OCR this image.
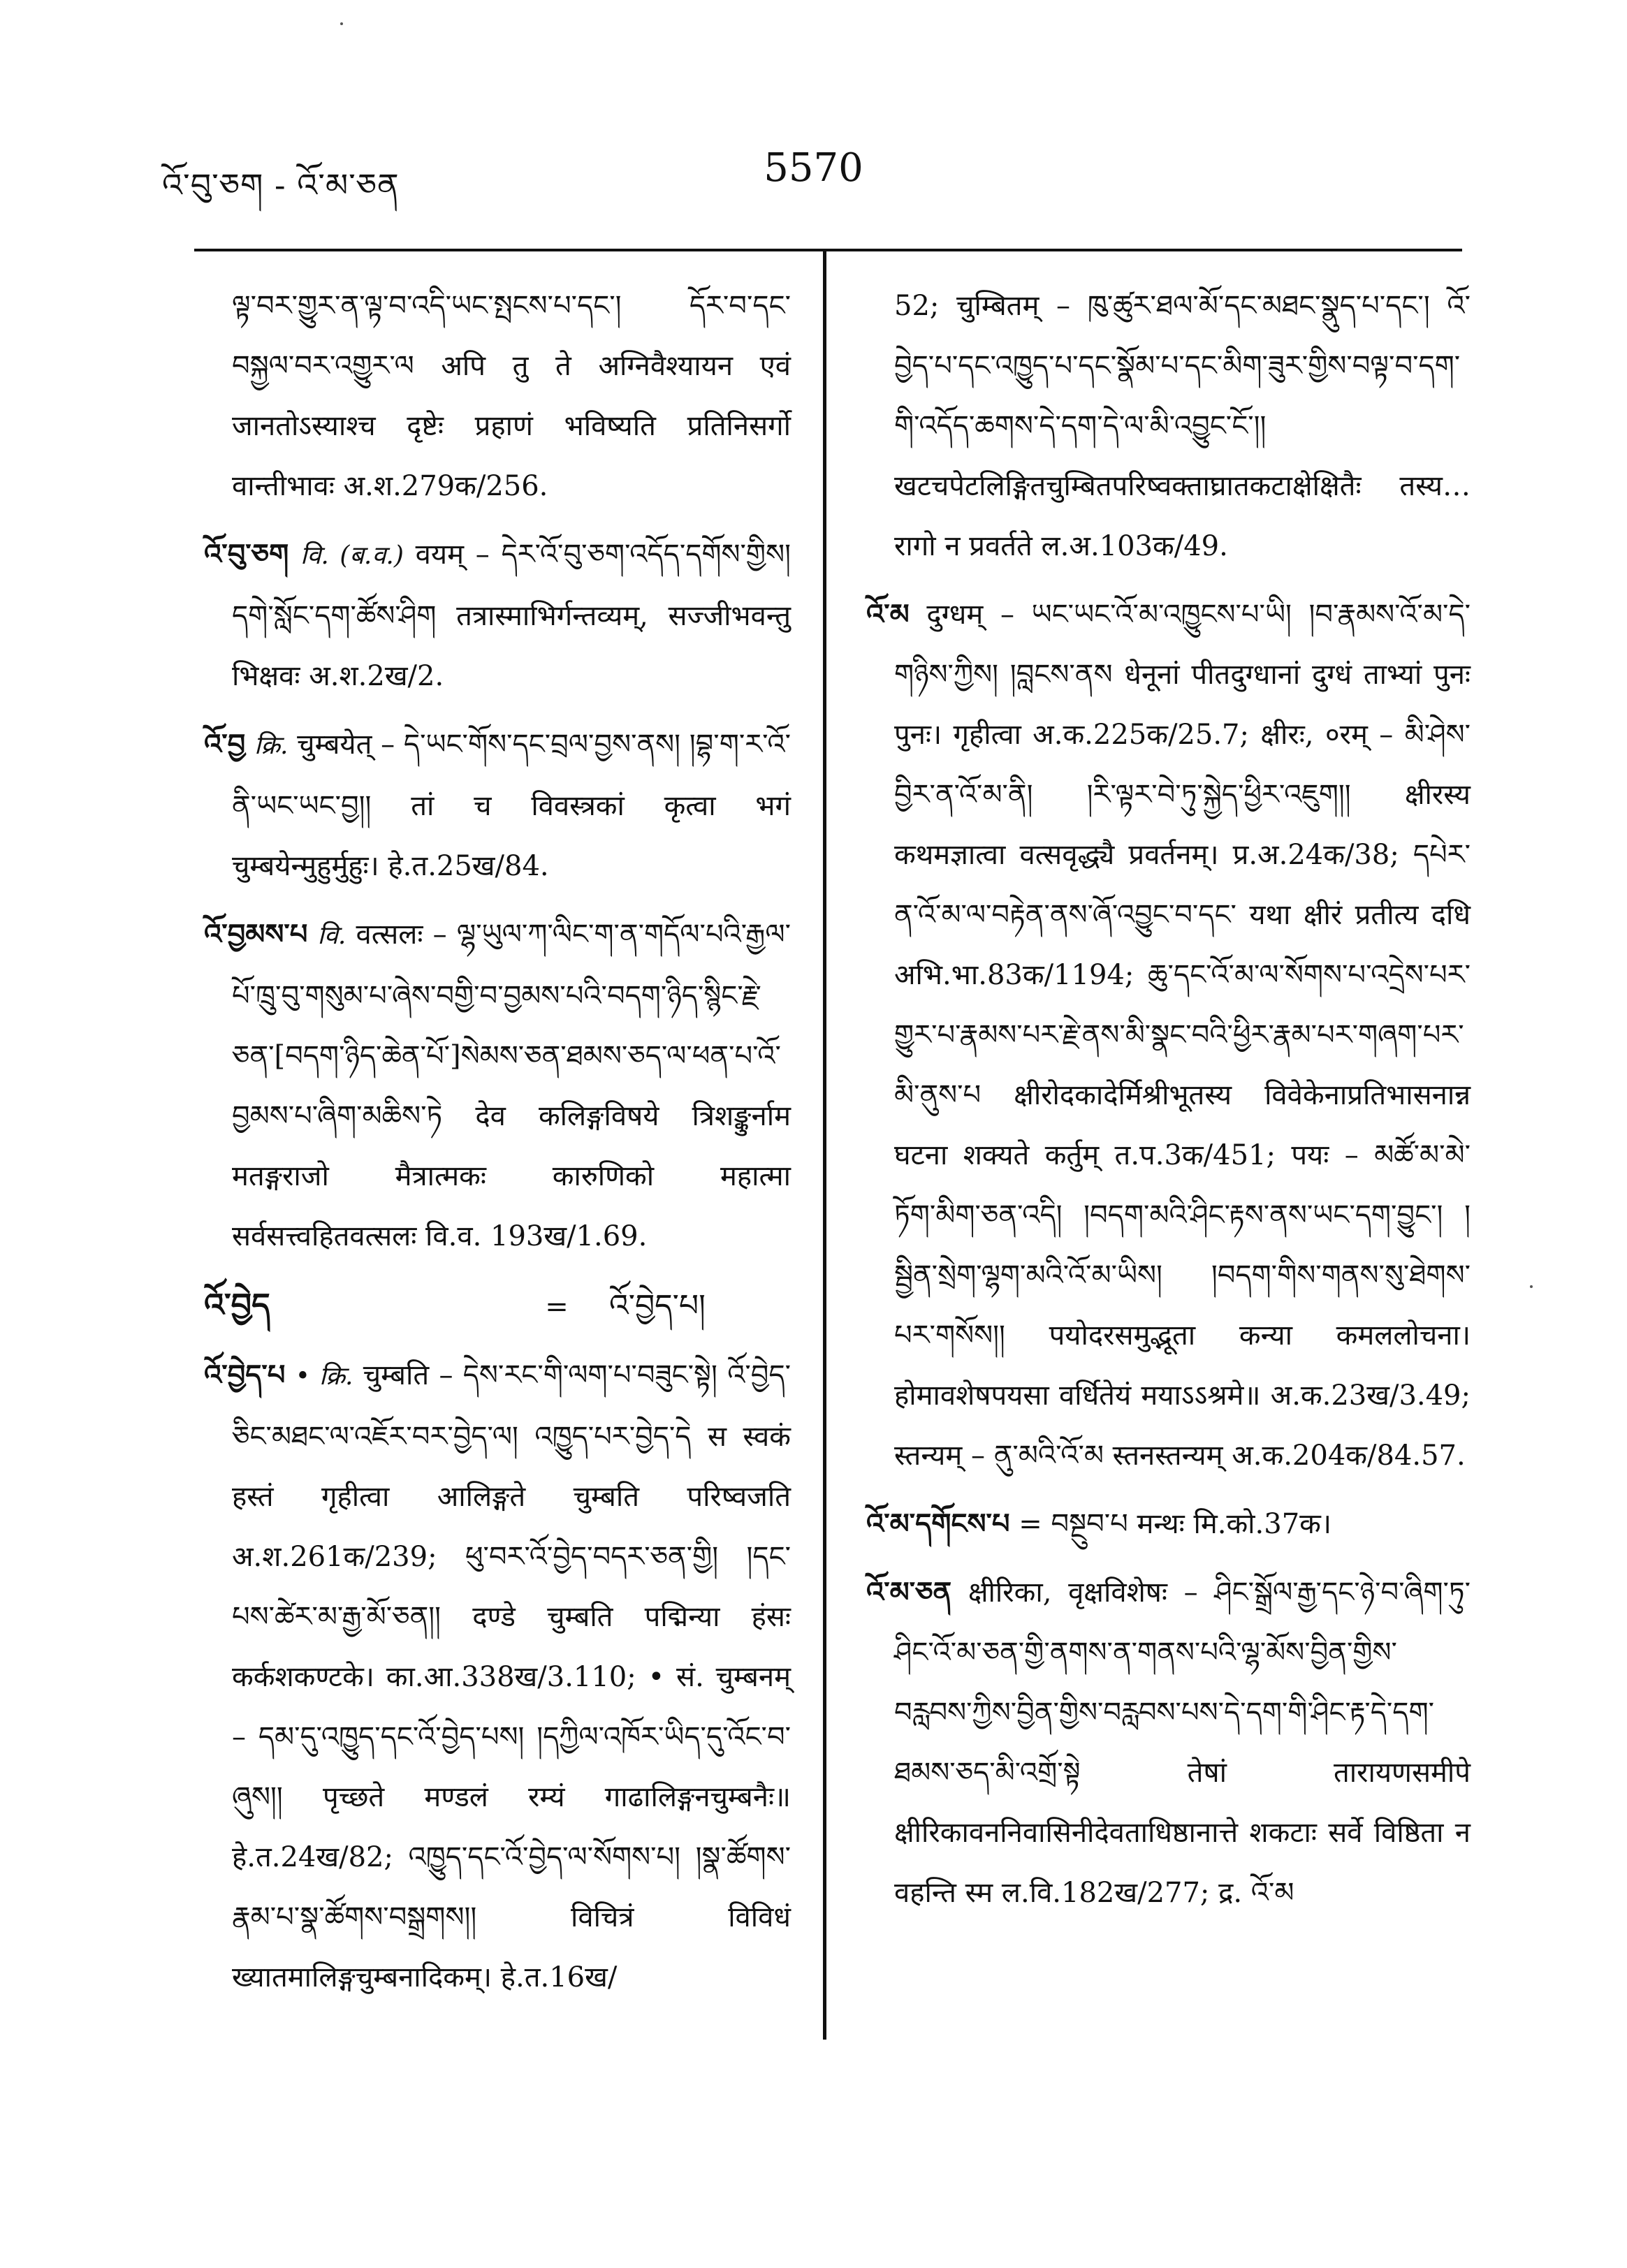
འོ་བུ་ཅག - འོ་མ་ཅན	5570

ལྟ་བར་གྱུར་ན་ལྟ་བ་འདི་ཡང་སྤངས་པ་དང་། དོར་བ་དང་བསྐྱལ་བར་འགྱུར་ལ अपि तु ते अग्निवैश्यायन एवं जानतोऽस्याश्च दृष्टेः प्रहाणं भविष्यति प्रतिनिसर्गो वान्तीभावः अ.श.279क/256.

འོ་བུ་ཅག वि. (ब.व.) वयम् – དེར་འོ་བུ་ཅག་འདོད་དགོས་གྱིས། དགེ་སློང་དག་ཚོས་ཤིག तत्रास्माभिर्गन्तव्यम्, सज्जीभवन्तु भिक्षवः अ.श.2ख/2.

འོ་བྱ क्रि. चुम्बयेत् – དེ་ཡང་གོས་དང་བྲལ་བྱས་ནས། །བྷ་ག་ར་འོ་ནི་ཡང་ཡང་བྱ།། तां च विवस्त्रकां कृत्वा भगं चुम्बयेन्मुहुर्मुहुः। हे.त.25ख/84.

འོ་བྱམས་པ वि. वत्सलः – ལྷ་ཡུལ་ཀ་ལིང་ག་ན་གདོལ་པའི་རྒྱལ་པོ་ཁྲུ་བུ་གསུམ་པ་ཞེས་བགྱི་བ་བྱམས་པའི་བདག་ཉིད་སྙིང་རྗེ་ཅན་[བདག་ཉིད་ཆེན་པོ་]སེམས་ཅན་ཐམས་ཅད་ལ་ཕན་པ་འོ་བྱམས་པ་ཞིག་མཆིས་ཏེ देव कलिङ्गविषये त्रिशङ्कुर्नाम मतङ्गराजो मैत्रात्मकः कारुणिको महात्मा सर्वसत्त्वहितवत्सलः वि.व. 193ख/1.69.

འོ་བྱེད	=	འོ་བྱེད་པ།

འོ་བྱེད་པ • क्रि. चुम्बति – དེས་རང་གི་ལག་པ་བཟུང་སྟེ། འོ་བྱེད་ཅིང་མཐང་ལ་འཇོར་བར་བྱེད་ལ། འཁྱུད་པར་བྱེད་དེ स स्वकं हस्तं गृहीत्वा आलिङ्गते चुम्बति परिष्वजति अ.श.261क/239; ཕུ་བར་འོ་བྱེད་བདར་ཅན་གྱི། །དང་པས་ཚེར་མ་རྒྱ་མོ་ཅན།། दण्डे चुम्बति पद्मिन्या हंसः कर्कशकण्टके। का.आ.338ख/3.110; • सं. चुम्बनम् – དམ་དུ་འཁྱུད་དང་འོ་བྱེད་པས། །དཀྱིལ་འཁོར་ཡིད་དུ་འོང་བ་ཞུས།། पृच्छते मण्डलं रम्यं गाढालिङ्गनचुम्बनैः॥ हे.त.24ख/82; འཁྱུད་དང་འོ་བྱེད་ལ་སོགས་པ། །སྣ་ཚོགས་རྣམ་པ་སྣ་ཚོགས་བསྒྲགས།། विचित्रं विविधं ख्यातमालिङ्गचुम्बनादिकम्। हे.त.16ख/

52; चुम्बितम् – ཁུ་ཚུར་ཐལ་མོ་དང་མཐང་སྣུད་པ་དང་། འོ་བྱེད་པ་དང་འཁྱུད་པ་དང་སྣོམ་པ་དང་མིག་ཟུར་གྱིས་བལྟ་བ་དག་གི་འདོད་ཆགས་དེ་དག་དེ་ལ་མི་འབྱུང་ངོ་།། खटचपेटलिङ्गितचुम्बितपरिष्वक्ताघ्रातकटाक्षेक्षितैः तस्य…रागो न प्रवर्तते ल.अ.103क/49.

འོ་མ दुग्धम् – ཡང་ཡང་འོ་མ་འཁྱུངས་པ་ཡི། །བ་རྣམས་འོ་མ་དེ་གཉིས་ཀྱིས། །བླངས་ནས धेनूनां पीतदुग्धानां दुग्धं ताभ्यां पुनः पुनः। गृहीत्वा अ.क.225क/25.7; क्षीरः, ०रम् – མི་ཤེས་བྱིར་ན་འོ་མ་ནི། །རི་ལྟར་བེ་ཏུ་སྐྱེད་ཕྱིར་འཇུག།། क्षीरस्य कथमज्ञात्वा वत्सवृद्ध्यै प्रवर्तनम्। प्र.अ.24क/38; དཔེར་ན་འོ་མ་ལ་བརྟེན་ནས་ཞོ་འབྱུང་བ་དང་ यथा क्षीरं प्रतीत्य दधि अभि.भा.83क/1194; ཆུ་དང་འོ་མ་ལ་སོགས་པ་འདྲེས་པར་གྱུར་པ་རྣམས་པར་རྗེ་ནས་མི་སྣང་བའི་ཕྱིར་རྣམ་པར་གཞག་པར་མི་ནུས་པ क्षीरोदकादेर्मिश्रीभूतस्य विवेकेनाप्रतिभासनान्न घटना शक्यते कर्तुम् त.प.3क/451; पयः – མཚོ་མ་མེ་ཏོག་མིག་ཅན་འདི། །བདག་མའི་ཤིང་རྟས་ནས་ཡང་དག་བྱུང་། །སྦྱིན་སྲེག་ལྷག་མའི་འོ་མ་ཡིས། །བདག་གིས་གནས་སུ་ཐེགས་པར་གསོས།། पयोदरसमुद्भूता कन्या कमललोचना। होमावशेषपयसा वर्धितेयं मयाऽऽश्रमे॥ अ.क.23ख/3.49; स्तन्यम् – ནུ་མའི་འོ་མ स्तनस्तन्यम् अ.क.204क/84.57.

འོ་མ་དགོངས་པ = བསྔུབ་པ मन्थः मि.को.37क।

འོ་མ་ཅན क्षीरिका, वृक्षविशेषः – ཤིང་སྒྲོལ་རྒྱ་དང་ཉེ་བ་ཞིག་ཏུ་ཤིང་འོ་མ་ཅན་གྱི་ནགས་ན་གནས་པའི་ལྷ་མོས་བྱིན་གྱིས་བརླབས་ཀྱིས་བྱིན་གྱིས་བརླབས་པས་དེ་དག་གི་ཤིང་རྟ་དེ་དག་ཐམས་ཅད་མི་འགྲོ་སྟེ तेषां तारायणसमीपे क्षीरिकावननिवासिनीदेवताधिष्ठानात्ते शकटाः सर्वे विष्ठिता न वहन्ति स्म ल.वि.182ख/277; द्र. འོ་མ
